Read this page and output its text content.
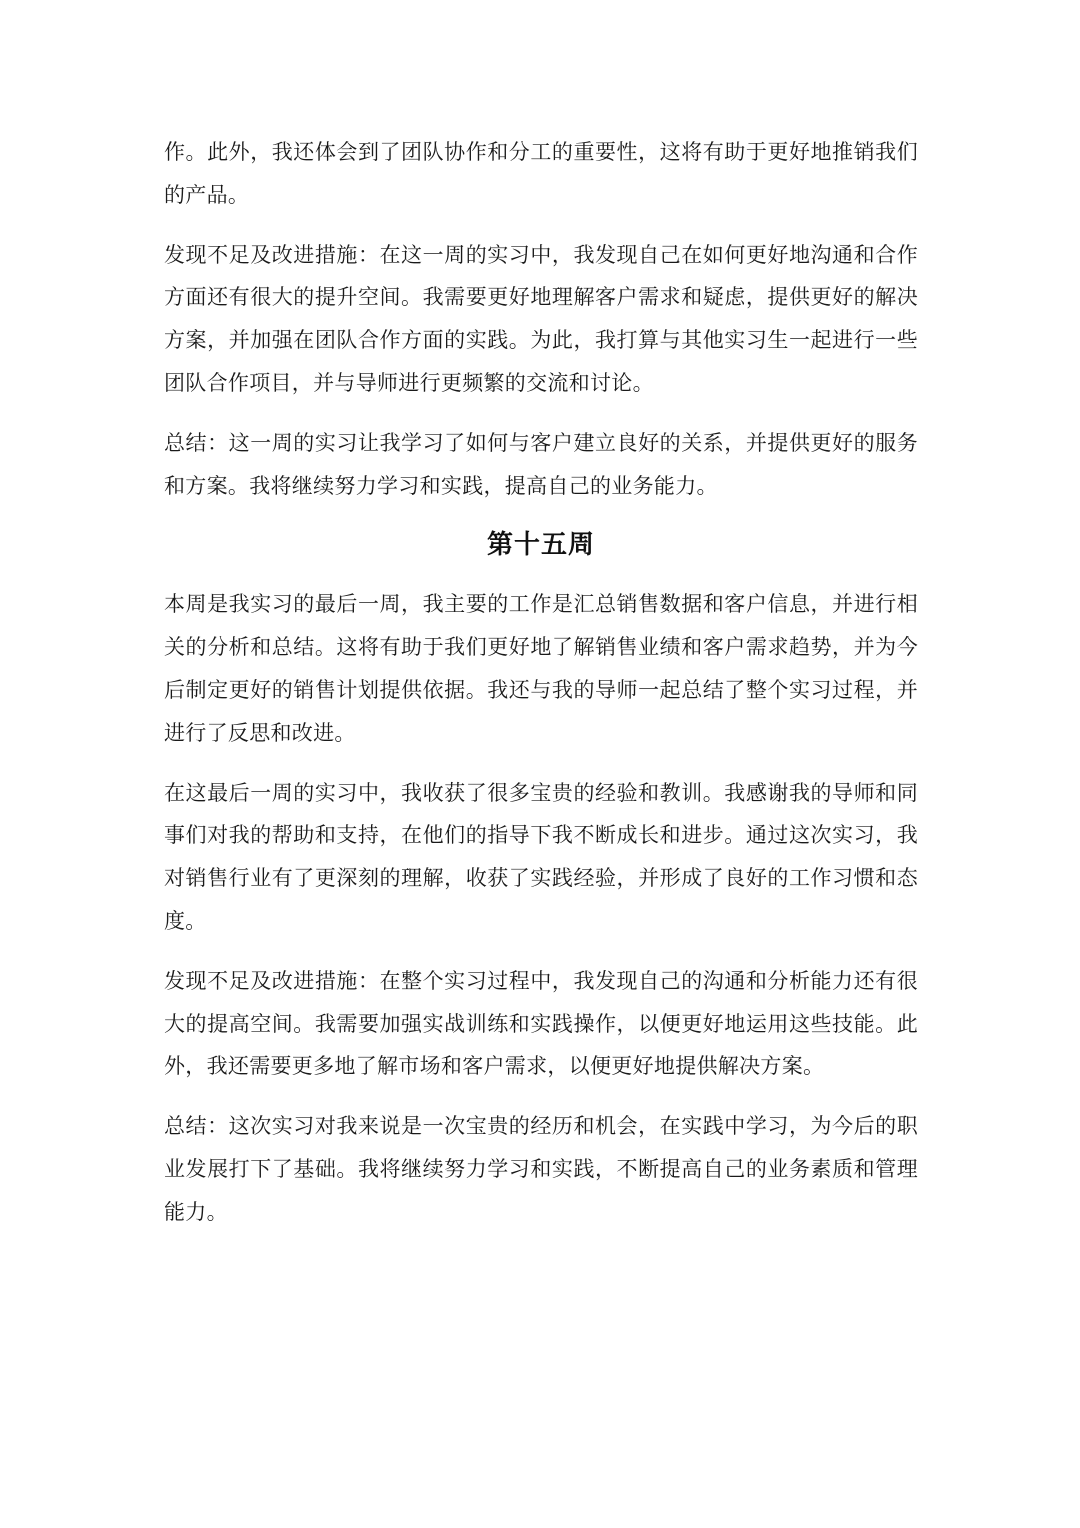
作。此外，我还体会到了团队协作和分工的重要性，这将有助于更好地推销我们的产品。

发现不足及改进措施：在这一周的实习中，我发现自己在如何更好地沟通和合作方面还有很大的提升空间。我需要更好地理解客户需求和疑虑，提供更好的解决方案，并加强在团队合作方面的实践。为此，我打算与其他实习生一起进行一些团队合作项目，并与导师进行更频繁的交流和讨论。

总结：这一周的实习让我学习了如何与客户建立良好的关系，并提供更好的服务和方案。我将继续努力学习和实践，提高自己的业务能力。

第十五周

本周是我实习的最后一周，我主要的工作是汇总销售数据和客户信息，并进行相关的分析和总结。这将有助于我们更好地了解销售业绩和客户需求趋势，并为今后制定更好的销售计划提供依据。我还与我的导师一起总结了整个实习过程，并进行了反思和改进。

在这最后一周的实习中，我收获了很多宝贵的经验和教训。我感谢我的导师和同事们对我的帮助和支持，在他们的指导下我不断成长和进步。通过这次实习，我对销售行业有了更深刻的理解，收获了实践经验，并形成了良好的工作习惯和态度。

发现不足及改进措施：在整个实习过程中，我发现自己的沟通和分析能力还有很大的提高空间。我需要加强实战训练和实践操作，以便更好地运用这些技能。此外，我还需要更多地了解市场和客户需求，以便更好地提供解决方案。

总结：这次实习对我来说是一次宝贵的经历和机会，在实践中学习，为今后的职业发展打下了基础。我将继续努力学习和实践，不断提高自己的业务素质和管理能力。
